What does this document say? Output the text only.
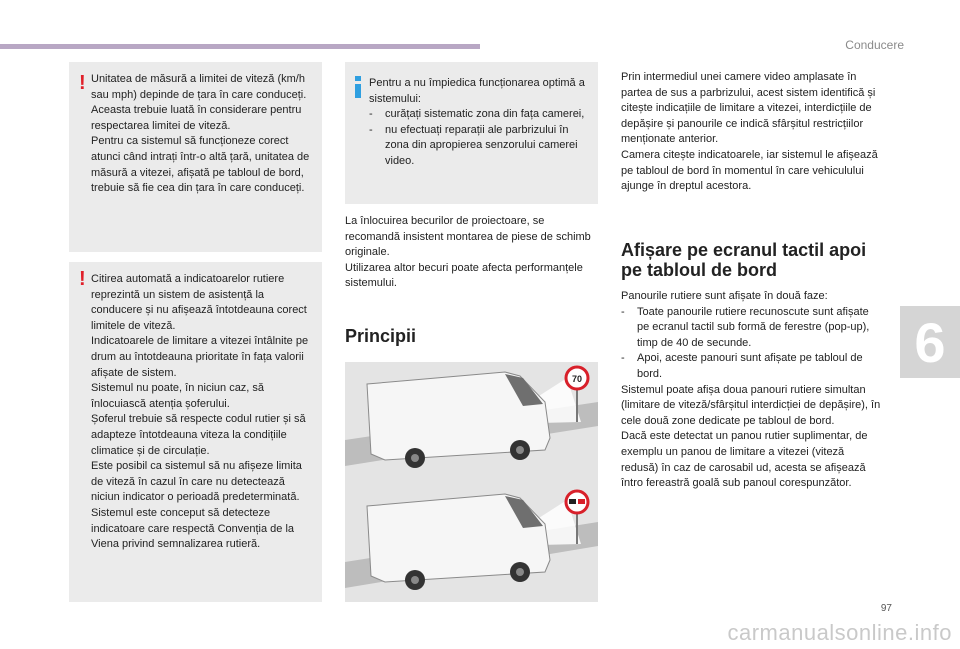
Conducere
6
! Unitatea de măsură a limitei de viteză (km/h sau mph) depinde de țara în care conduceți.

Aceasta trebuie luată în considerare pentru respectarea limitei de viteză.

Pentru ca sistemul să funcționeze corect atunci când intrați într-o altă țară, unitatea de măsură a vitezei, afișată pe tabloul de bord, trebuie să fie cea din țara în care conduceți.

! Citirea automată a indicatoarelor rutiere reprezintă un sistem de asistență la conducere și nu afișează întotdeauna corect limitele de viteză.

Indicatoarele de limitare a vitezei întâlnite pe drum au întotdeauna prioritate în fața valorii afișate de sistem.

Sistemul nu poate, în niciun caz, să înlocuiască atenția șoferului.

Șoferul trebuie să respecte codul rutier și să adapteze întotdeauna viteza la condițiile climatice și de circulație.

Este posibil ca sistemul să nu afișeze limita de viteză în cazul în care nu detectează niciun indicator o perioadă predeterminată.

Sistemul este conceput să detecteze indicatoare care respectă Convenția de la Viena privind semnalizarea rutieră.

Pentru a nu împiedica funcționarea optimă a sistemului:

-	curățați sistematic zona din fața camerei,
-	nu efectuați reparații ale parbrizului în zona din apropierea senzorului camerei video.

La înlocuirea becurilor de proiectoare, se recomandă insistent montarea de piese de schimb originale.

Utilizarea altor becuri poate afecta performanțele sistemului.

Principii
70

Prin intermediul unei camere video amplasate în partea de sus a parbrizului, acest sistem identifică și citește indicațiile de limitare a vitezei, interdicțiile de depășire și panourile ce indică sfârșitul restricțiilor menționate anterior.

Camera citește indicatoarele, iar sistemul le afișează pe tabloul de bord în momentul în care vehiculului ajunge în dreptul acestora.

Afișare pe ecranul tactil apoi pe tabloul de bord

Panourile rutiere sunt afișate în două faze:

-	Toate panourile rutiere recunoscute sunt afișate pe ecranul tactil sub formă de ferestre (pop-up), timp de 40 de secunde.
-	Apoi, aceste panouri sunt afișate pe tabloul de bord.

Sistemul poate afișa doua panouri rutiere simultan (limitare de viteză/sfârșitul interdicției de depășire), în cele două zone dedicate pe tabloul de bord.

Dacă este detectat un panou rutier suplimentar, de exemplu un panou de limitare a vitezei (viteză redusă) în caz de carosabil ud, acesta se afișează întro fereastră goală sub panoul corespunzător.

97
carmanualsonline.info
